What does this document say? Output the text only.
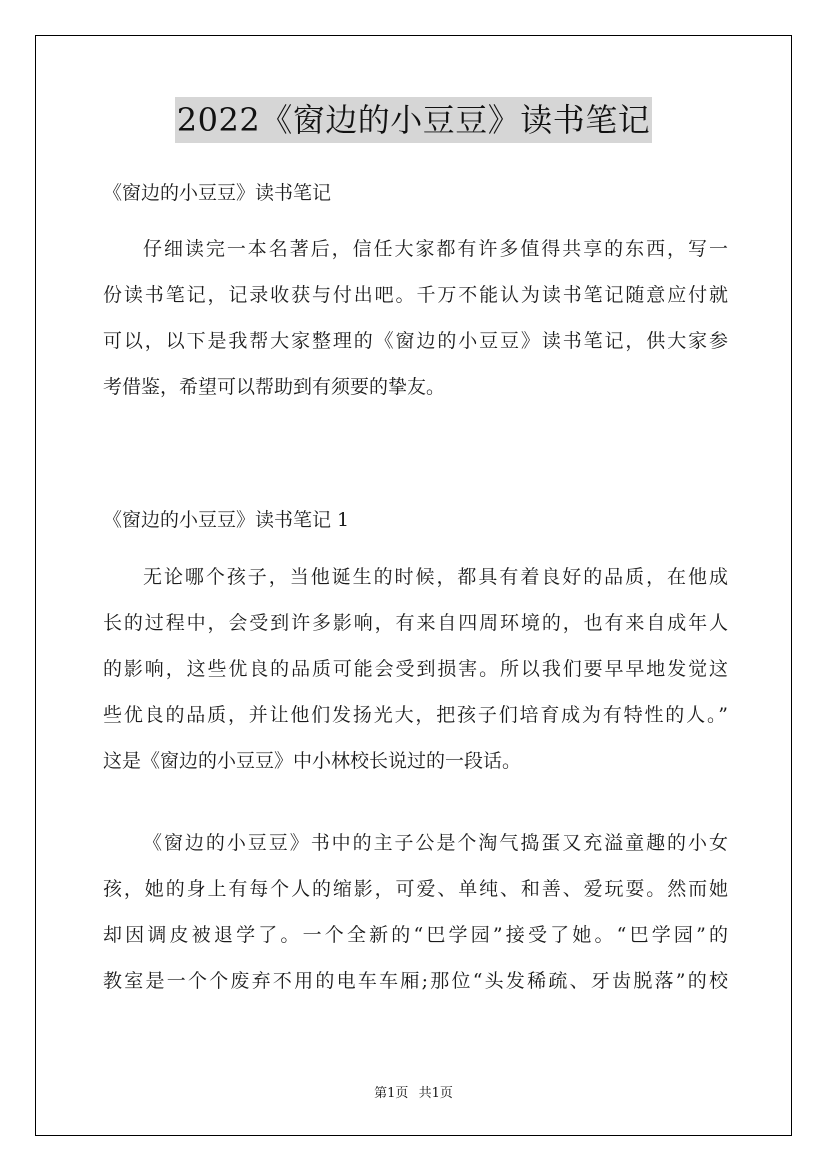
2022《窗边的小豆豆》读书笔记
《窗边的小豆豆》读书笔记
仔细读完一本名著后，信任大家都有许多值得共享的东西，写一
份读书笔记，记录收获与付出吧。千万不能认为读书笔记随意应付就
可以，以下是我帮大家整理的《窗边的小豆豆》读书笔记，供大家参
考借鉴，希望可以帮助到有须要的挚友。
《窗边的小豆豆》读书笔记 1
无论哪个孩子，当他诞生的时候，都具有着良好的品质，在他成
长的过程中，会受到许多影响，有来自四周环境的，也有来自成年人
的影响，这些优良的品质可能会受到损害。所以我们要早早地发觉这
些优良的品质，并让他们发扬光大，把孩子们培育成为有特性的人。”
这是《窗边的小豆豆》中小林校长说过的一段话。
《窗边的小豆豆》书中的主子公是个淘气捣蛋又充溢童趣的小女
孩，她的身上有每个人的缩影，可爱、单纯、和善、爱玩耍。然而她
却因调皮被退学了。一个全新的“巴学园”接受了她。“巴学园”的
教室是一个个废弃不用的电车车厢;那位“头发稀疏、牙齿脱落”的校
第1页 共1页
